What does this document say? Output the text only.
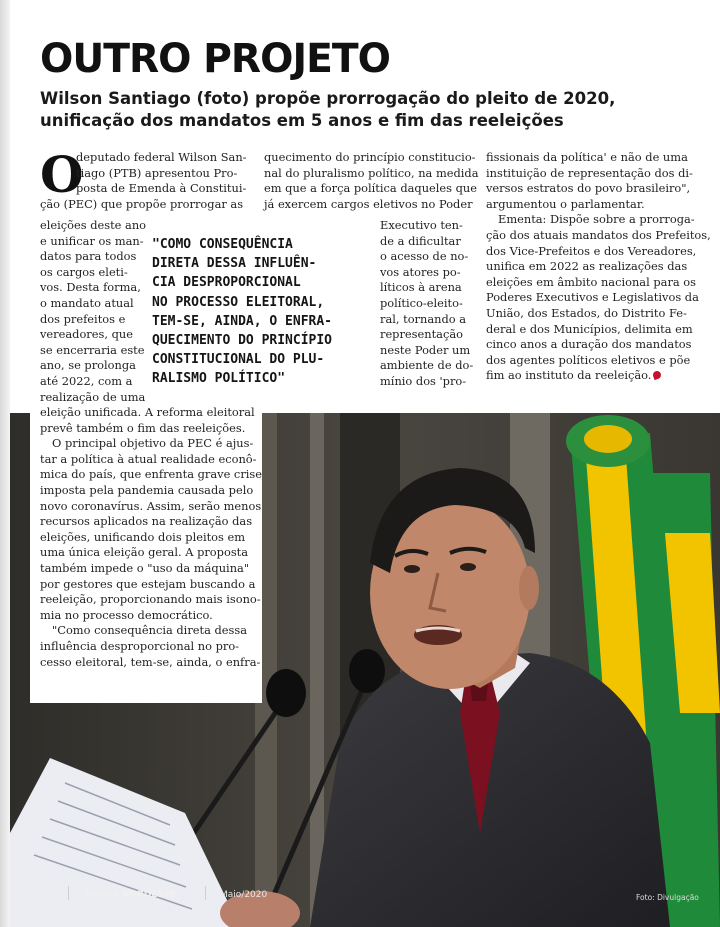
OUTRO PROJETO
Wilson Santiago (foto) propõe prorrogação do pleito de 2020,
unificação dos mandatos em 5 anos e fim das reeleições
O
deputado federal Wilson San-
tiago (PTB) apresentou Pro-
posta de Emenda à Constitui-
ção (PEC) que propõe prorrogar as
eleições deste ano
e unificar os man-
datos para todos
os cargos eleti-
vos. Desta forma,
o mandato atual
dos prefeitos e
vereadores, que
se encerraria este
ano, se prolonga
até 2022, com a
realização de uma
eleição unificada. A reforma eleitoral
prevê também o fim das reeleições.
O principal objetivo da PEC é ajus-
tar a política à atual realidade econô-
mica do país, que enfrenta grave crise
imposta pela pandemia causada pelo
novo coronavírus. Assim, serão menos
recursos aplicados na realização das
eleições, unificando dois pleitos em
uma única eleição geral. A proposta
também impede o "uso da máquina"
por gestores que estejam buscando a
reeleição, proporcionando mais isono-
mia no processo democrático.
"Como consequência direta dessa
influência desproporcional no pro-
cesso eleitoral, tem-se, ainda, o enfra-
quecimento do princípio constitucio-
nal do pluralismo político, na medida
em que a força política daqueles que
já exercem cargos eletivos no Poder
Executivo ten-
de a dificultar
o acesso de no-
vos atores po-
líticos à arena
político-eleito-
ral, tornando a
representação
neste Poder um
ambiente de do-
mínio dos 'pro-
"COMO CONSEQUÊNCIA
DIRETA DESSA INFLUÊN-
CIA DESPROPORCIONAL
NO PROCESSO ELEITORAL,
TEM-SE, AINDA, O ENFRA-
QUECIMENTO DO PRINCÍPIO
CONSTITUCIONAL DO PLU-
RALISMO POLÍTICO"
fissionais da política' e não de uma
instituição de representação dos di-
versos estratos do povo brasileiro",
argumentou o parlamentar.
Ementa: Dispõe sobre a prorroga-
ção dos atuais mandatos dos Prefeitos,
dos Vice-Prefeitos e dos Vereadores,
unifica em 2022 as realizações das
eleições em âmbito nacional para os
Poderes Executivos e Legislativos da
União, dos Estados, do Distrito Fe-
deral e dos Municípios, delimita em
cinco anos a duração dos mandatos
dos agentes políticos eletivos e põe
fim ao instituto da reeleição.
Revista NORDESTE	Maio/2020	Foto: Divulgação
